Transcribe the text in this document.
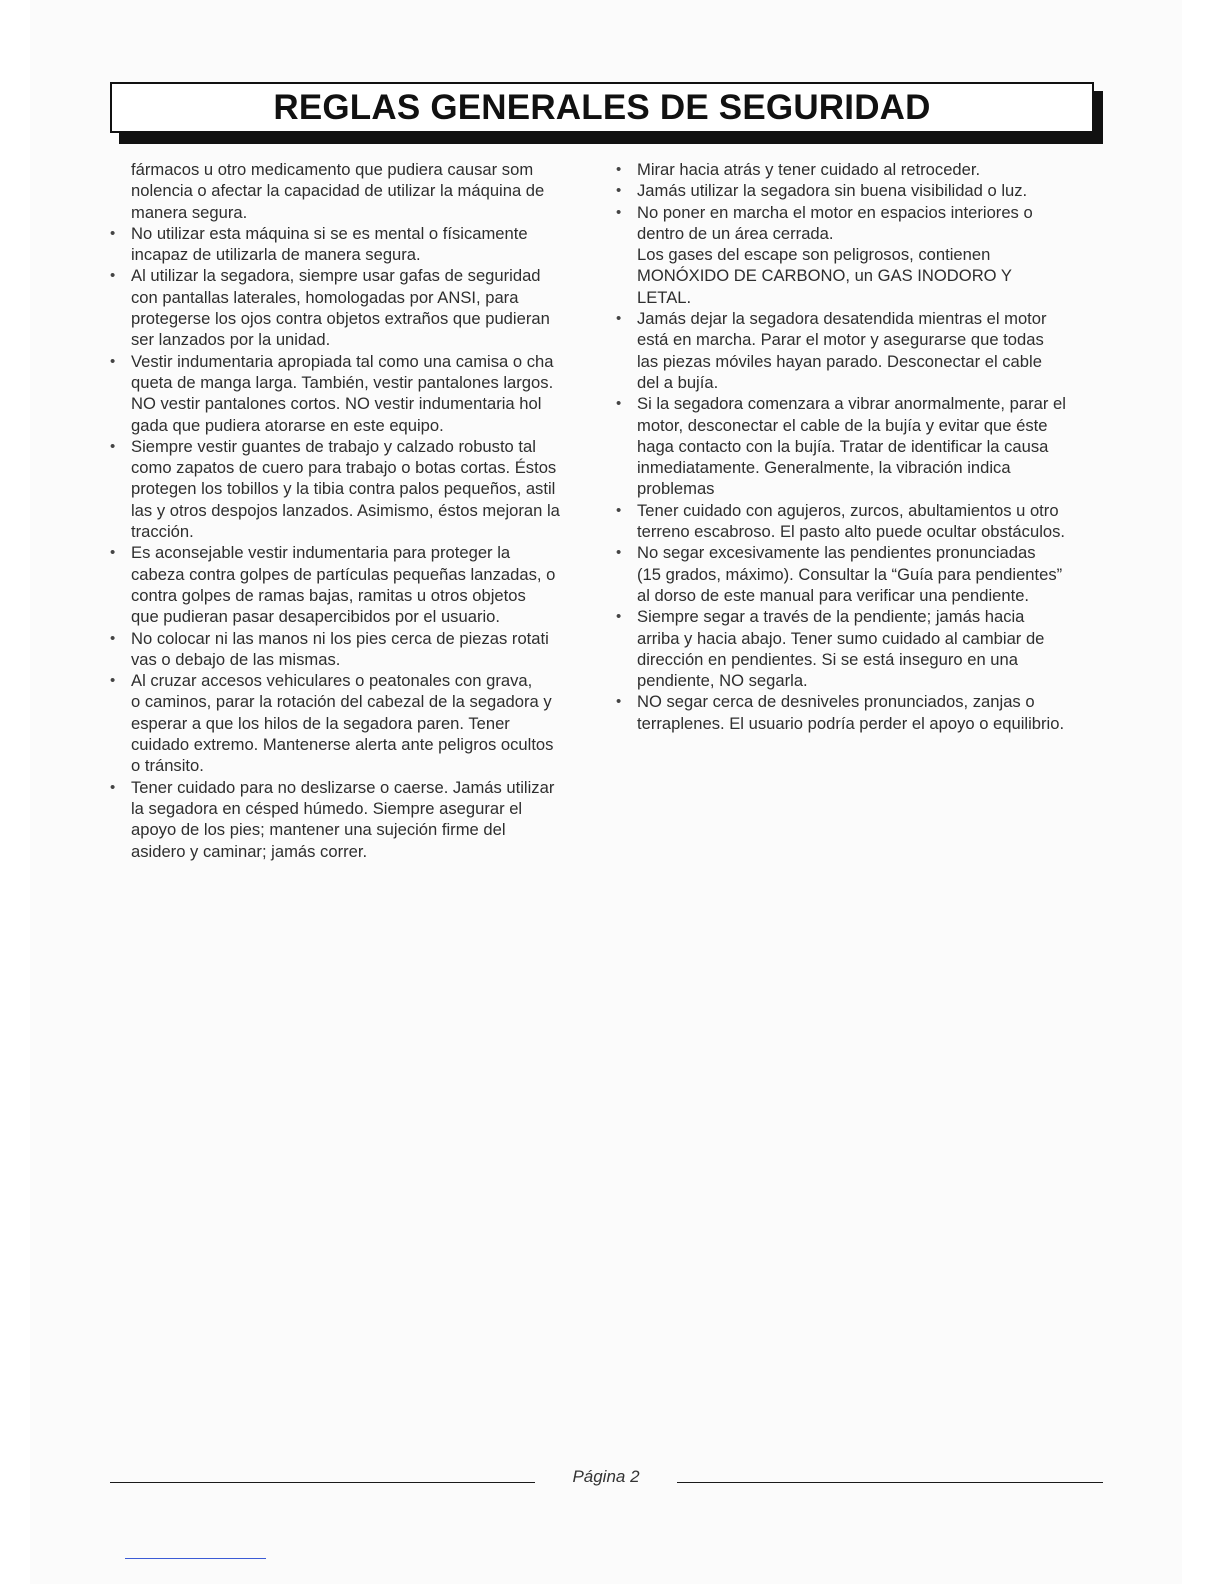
REGLAS GENERALES DE SEGURIDAD

fármacos u otro medicamento que pudiera causar som
nolencia o afectar la capacidad de utilizar la máquina de
manera segura.

• No utilizar esta máquina si se es mental o físicamente
incapaz de utilizarla de manera segura.
• Al utilizar la segadora, siempre usar gafas de seguridad
con pantallas laterales, homologadas por ANSI, para
protegerse los ojos contra objetos extraños que pudieran
ser lanzados por la unidad.
• Vestir indumentaria apropiada tal como una camisa o cha
queta de manga larga. También, vestir pantalones largos.
NO vestir pantalones cortos. NO vestir indumentaria hol
gada que pudiera atorarse en este equipo.
• Siempre vestir guantes de trabajo y calzado robusto tal
como zapatos de cuero para trabajo o botas cortas. Éstos
protegen los tobillos y la tibia contra palos pequeños, astil
las y otros despojos lanzados. Asimismo, éstos mejoran la
tracción.
• Es aconsejable vestir indumentaria para proteger la
cabeza contra golpes de partículas pequeñas lanzadas, o
contra golpes de ramas bajas, ramitas u otros objetos
que pudieran pasar desapercibidos por el usuario.
• No colocar ni las manos ni los pies cerca de piezas rotati
vas o debajo de las mismas.
• Al cruzar accesos vehiculares o peatonales con grava,
o caminos, parar la rotación del cabezal de la segadora y
esperar a que los hilos de la segadora paren. Tener
cuidado extremo. Mantenerse alerta ante peligros ocultos
o tránsito.
• Tener cuidado para no deslizarse o caerse. Jamás utilizar
la segadora en césped húmedo. Siempre asegurar el
apoyo de los pies; mantener una sujeción firme del
asidero y caminar; jamás correr.
• Mirar hacia atrás y tener cuidado al retroceder.
• Jamás utilizar la segadora sin buena visibilidad o luz.
• No poner en marcha el motor en espacios interiores o
dentro de un área cerrada.
Los gases del escape son peligrosos, contienen
MONÓXIDO DE CARBONO, un GAS INODORO Y
LETAL.
• Jamás dejar la segadora desatendida mientras el motor
está en marcha. Parar el motor y asegurarse que todas
las piezas móviles hayan parado. Desconectar el cable
del a bujía.
• Si la segadora comenzara a vibrar anormalmente, parar el
motor, desconectar el cable de la bujía y evitar que éste
haga contacto con la bujía. Tratar de identificar la causa
inmediatamente. Generalmente, la vibración indica
problemas
• Tener cuidado con agujeros, zurcos, abultamientos u otro
terreno escabroso. El pasto alto puede ocultar obstáculos.
• No segar excesivamente las pendientes pronunciadas
(15 grados, máximo). Consultar la “Guía para pendientes”
al dorso de este manual para verificar una pendiente.
• Siempre segar a través de la pendiente; jamás hacia
arriba y hacia abajo. Tener sumo cuidado al cambiar de
dirección en pendientes. Si se está inseguro en una
pendiente, NO segarla.
• NO segar cerca de desniveles pronunciados, zanjas o
terraplenes. El usuario podría perder el apoyo o equilibrio.
Página 2
